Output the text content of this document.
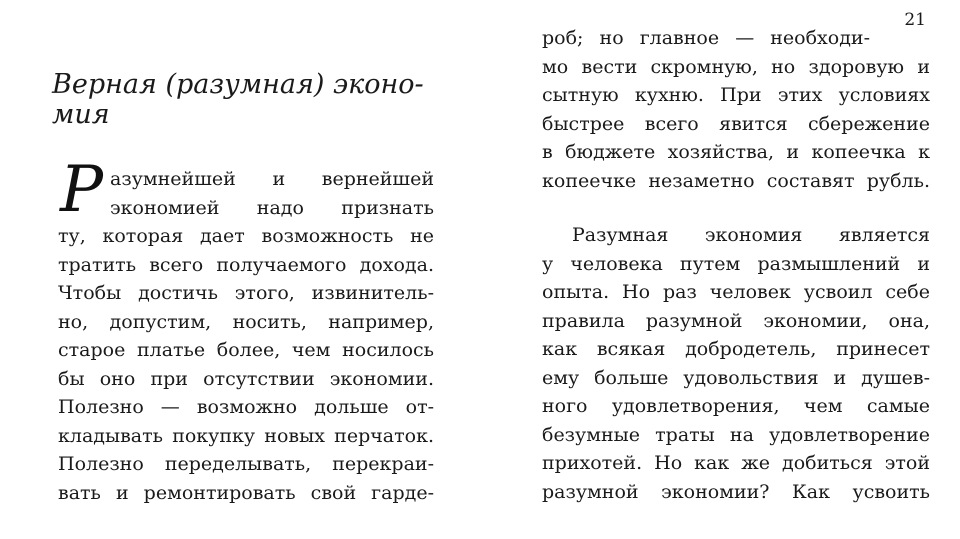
Верная (разумная) эконо-
мия
Р азумнейшей и вернейшей
экономией надо признать
ту, которая дает возможность не
тратить всего получаемого дохода.
Чтобы достичь этого, извинитель-
но, допустим, носить, например,
старое платье более, чем носилось
бы оно при отсутствии экономии.
Полезно — возможно дольше от-
кладывать покупку новых перчаток.
Полезно переделывать, перекраи-
вать и ремонтировать свой гарде-
21
роб; но главное — необходи-
мо вести скромную, но здоровую и
сытную кухню. При этих условиях
быстрее всего явится сбережение
в бюджете хозяйства, и копеечка к
копеечке незаметно составят рубль.
Разумная экономия является
у человека путем размышлений и
опыта. Но раз человек усвоил себе
правила разумной экономии, она,
как всякая добродетель, принесет
ему больше удовольствия и душев-
ного удовлетворения, чем самые
безумные траты на удовлетворение
прихотей. Но как же добиться этой
разумной экономии? Как усвоить
